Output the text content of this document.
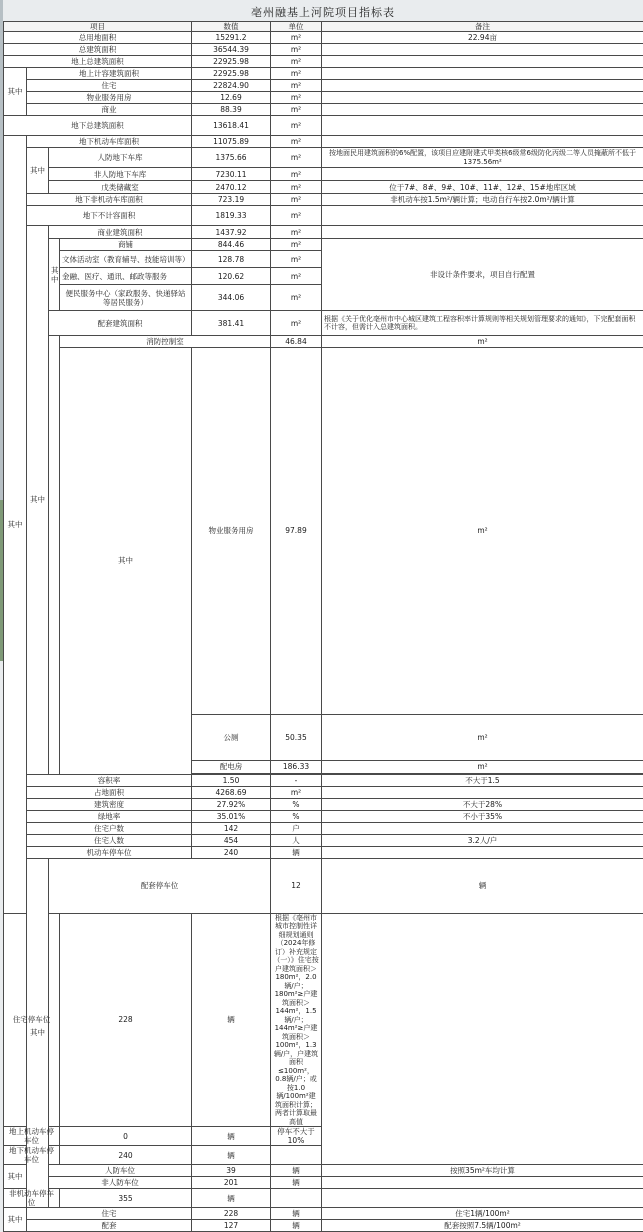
亳州融基上河院项目指标表
项目				数值	单位	备注	
总用地面积				15291.2	m²	22.94亩	
总建筑面积				36544.39	m²		
地上总建筑面积				22925.98	m²		
其中	地上计容建筑面积			22925.98	m²		
	住宅			22824.90	m²		
	物业服务用房			12.69	m²		
	商业			88.39	m²		
地下总建筑面积				13618.41	m²		
其中	地下机动车库面积			11075.89	m²		
	其中	人防地下车库		1375.66	m²	按地面民用建筑面积的6%配置，该项目应建附建式甲类核6级常6级防化丙级二等人员掩蔽所不低于1375.56m²	
		非人防地下车库		7230.11	m²		
		戊类储藏室		2470.12	m²	位于7#、8#、9#、10#、11#、12#、15#地库区域	
	地下非机动车库面积			723.19	m²	非机动车按1.5m²/辆计算；电动自行车按2.0m²/辆计算	
	地下不计容面积			1819.33	m²		
	其中	商业建筑面积		1437.92	m²		
		其中	商铺	844.46	m²	非设计条件要求，项目自行配置	
			文体活动室（教育辅导、技能培训等）	128.78	m²		
			金融、医疗、通讯、邮政等服务	120.62	m²		
			便民服务中心（家政服务、快递驿站等居民服务）	344.06	m²		
		配套建筑面积		381.41	m²	根据《关于优化亳州市中心城区建筑工程容积率计算规则等相关规划管理要求的通知》，下完配套面积不计容，但需计入总建筑面积。	
			消防控制室		46.84	m²	
			其中	物业服务用房	97.89	m²	
				公厕	50.35	m²	
				配电房	186.33	m²	

	容积率			1.50	-	不大于1.5	
	占地面积			4268.69	m²		
	建筑密度			27.92%	%	不大于28%	
	绿地率			35.01%	%	不小于35%	
	住宅户数			142	户		
	住宅人数			454	人	3.2人/户	
	机动车停车位			240	辆		
	其中	配套停车位			12	辆	
住宅停车位			228	辆	根据《亳州市城市控制性详细规划通则（2024年修订）补充规定（一）》住宅按户建筑面积＞180m²，2.0辆/户；180m²≥户建筑面积＞144m²，1.5辆/户；144m²≥户建筑面积＞100m²，1.3辆/户，户建筑面积≤100m²，0.8辆/户；或按1.0辆/100m²建筑面积计算；两者计算取最高值		
地上机动车停车位			0	辆	停车不大于10%		
地下机动车停车位			240	辆			
其中		人防车位		39	辆	按照35m²车均计算	
		非人防车位		201	辆		
非机动车停车位			355	辆			
其中	住宅			228	辆	住宅1辆/100m²	
	配套			127	辆	配套按照7.5辆/100m²	
